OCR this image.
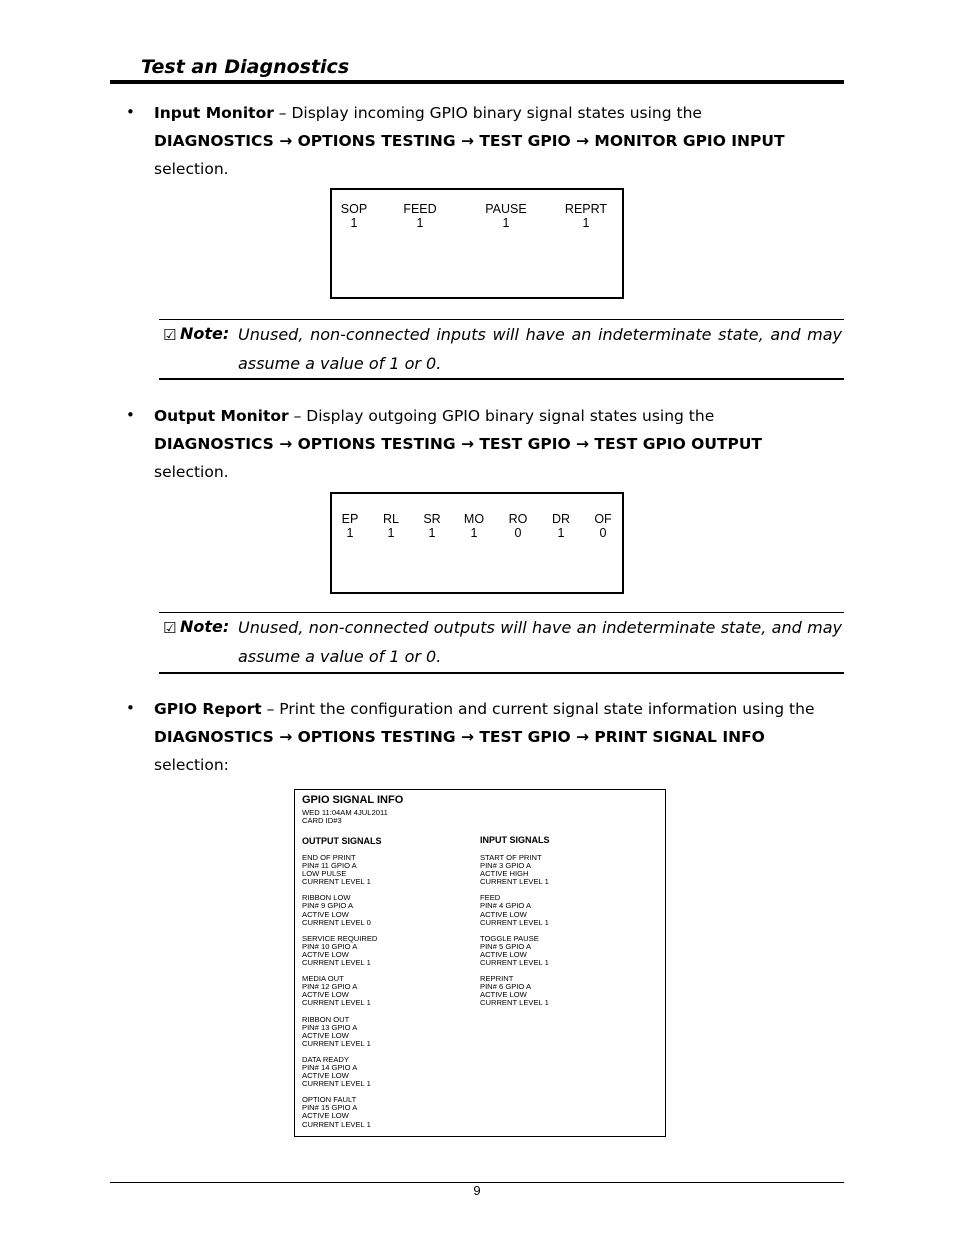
Test an Diagnostics
• Input Monitor – Display incoming GPIO binary signal states using the
DIAGNOSTICS → OPTIONS TESTING → TEST GPIO → MONITOR GPIO INPUT
selection.
SOP
1
FEED
1
PAUSE
1
REPRT
1
☑ Note: Unused, non-connected inputs will have an indeterminate state, and may assume a value of 1 or 0.
• Output Monitor – Display outgoing GPIO binary signal states using the
DIAGNOSTICS → OPTIONS TESTING → TEST GPIO → TEST GPIO OUTPUT
selection.
EP
1
RL
1
SR
1
MO
1
RO
0
DR
1
OF
0
☑ Note: Unused, non-connected outputs will have an indeterminate state, and may assume a value of 1 or 0.
• GPIO Report – Print the configuration and current signal state information using the
DIAGNOSTICS → OPTIONS TESTING → TEST GPIO → PRINT SIGNAL INFO
selection:
GPIO SIGNAL INFO
WED 11:04AM 4JUL2011
CARD ID#3
OUTPUT SIGNALS	INPUT SIGNALS
END OF PRINT
PIN# 11 GPIO A
LOW PULSE
CURRENT LEVEL 1
RIBBON LOW
PIN# 9 GPIO A
ACTIVE LOW
CURRENT LEVEL 0
SERVICE REQUIRED
PIN# 10 GPIO A
ACTIVE LOW
CURRENT LEVEL 1
MEDIA OUT
PIN# 12 GPIO A
ACTIVE LOW
CURRENT LEVEL 1
RIBBON OUT
PIN# 13 GPIO A
ACTIVE LOW
CURRENT LEVEL 1
DATA READY
PIN# 14 GPIO A
ACTIVE LOW
CURRENT LEVEL 1
OPTION FAULT
PIN# 15 GPIO A
ACTIVE LOW
CURRENT LEVEL 1
START OF PRINT
PIN# 3 GPIO A
ACTIVE HIGH
CURRENT LEVEL 1
FEED
PIN# 4 GPIO A
ACTIVE LOW
CURRENT LEVEL 1
TOGGLE PAUSE
PIN# 5 GPIO A
ACTIVE LOW
CURRENT LEVEL 1
REPRINT
PIN# 6 GPIO A
ACTIVE LOW
CURRENT LEVEL 1
9
